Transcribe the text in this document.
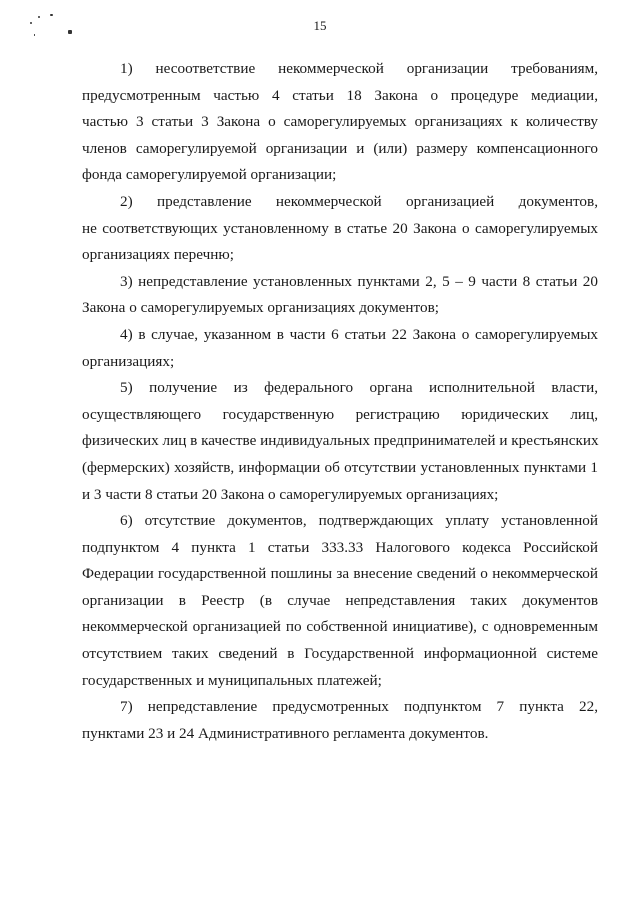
15

1) несоответствие некоммерческой организации требованиям,
предусмотренным частью 4 статьи 18 Закона о процедуре медиации,
частью 3 статьи 3 Закона о саморегулируемых организациях к количеству
членов саморегулируемой организации и (или) размеру компенсационного
фонда саморегулируемой организации;

2) представление некоммерческой организацией документов,
не соответствующих установленному в статье 20 Закона о саморегулируемых
организациях перечню;

3) непредставление установленных пунктами 2, 5 – 9 части 8 статьи 20
Закона о саморегулируемых организациях документов;

4) в случае, указанном в части 6 статьи 22 Закона о саморегулируемых
организациях;

5) получение из федерального органа исполнительной власти,
осуществляющего государственную регистрацию юридических лиц,
физических лиц в качестве индивидуальных предпринимателей и крестьянских
(фермерских) хозяйств, информации об отсутствии установленных пунктами 1
и 3 части 8 статьи 20 Закона о саморегулируемых организациях;

6) отсутствие документов, подтверждающих уплату установленной
подпунктом 4 пункта 1 статьи 333.33 Налогового кодекса Российской
Федерации государственной пошлины за внесение сведений о некоммерческой
организации в Реестр (в случае непредставления таких документов
некоммерческой организацией по собственной инициативе), с одновременным
отсутствием таких сведений в Государственной информационной системе
государственных и муниципальных платежей;

7) непредставление предусмотренных подпунктом 7 пункта 22,
пунктами 23 и 24 Административного регламента документов.
